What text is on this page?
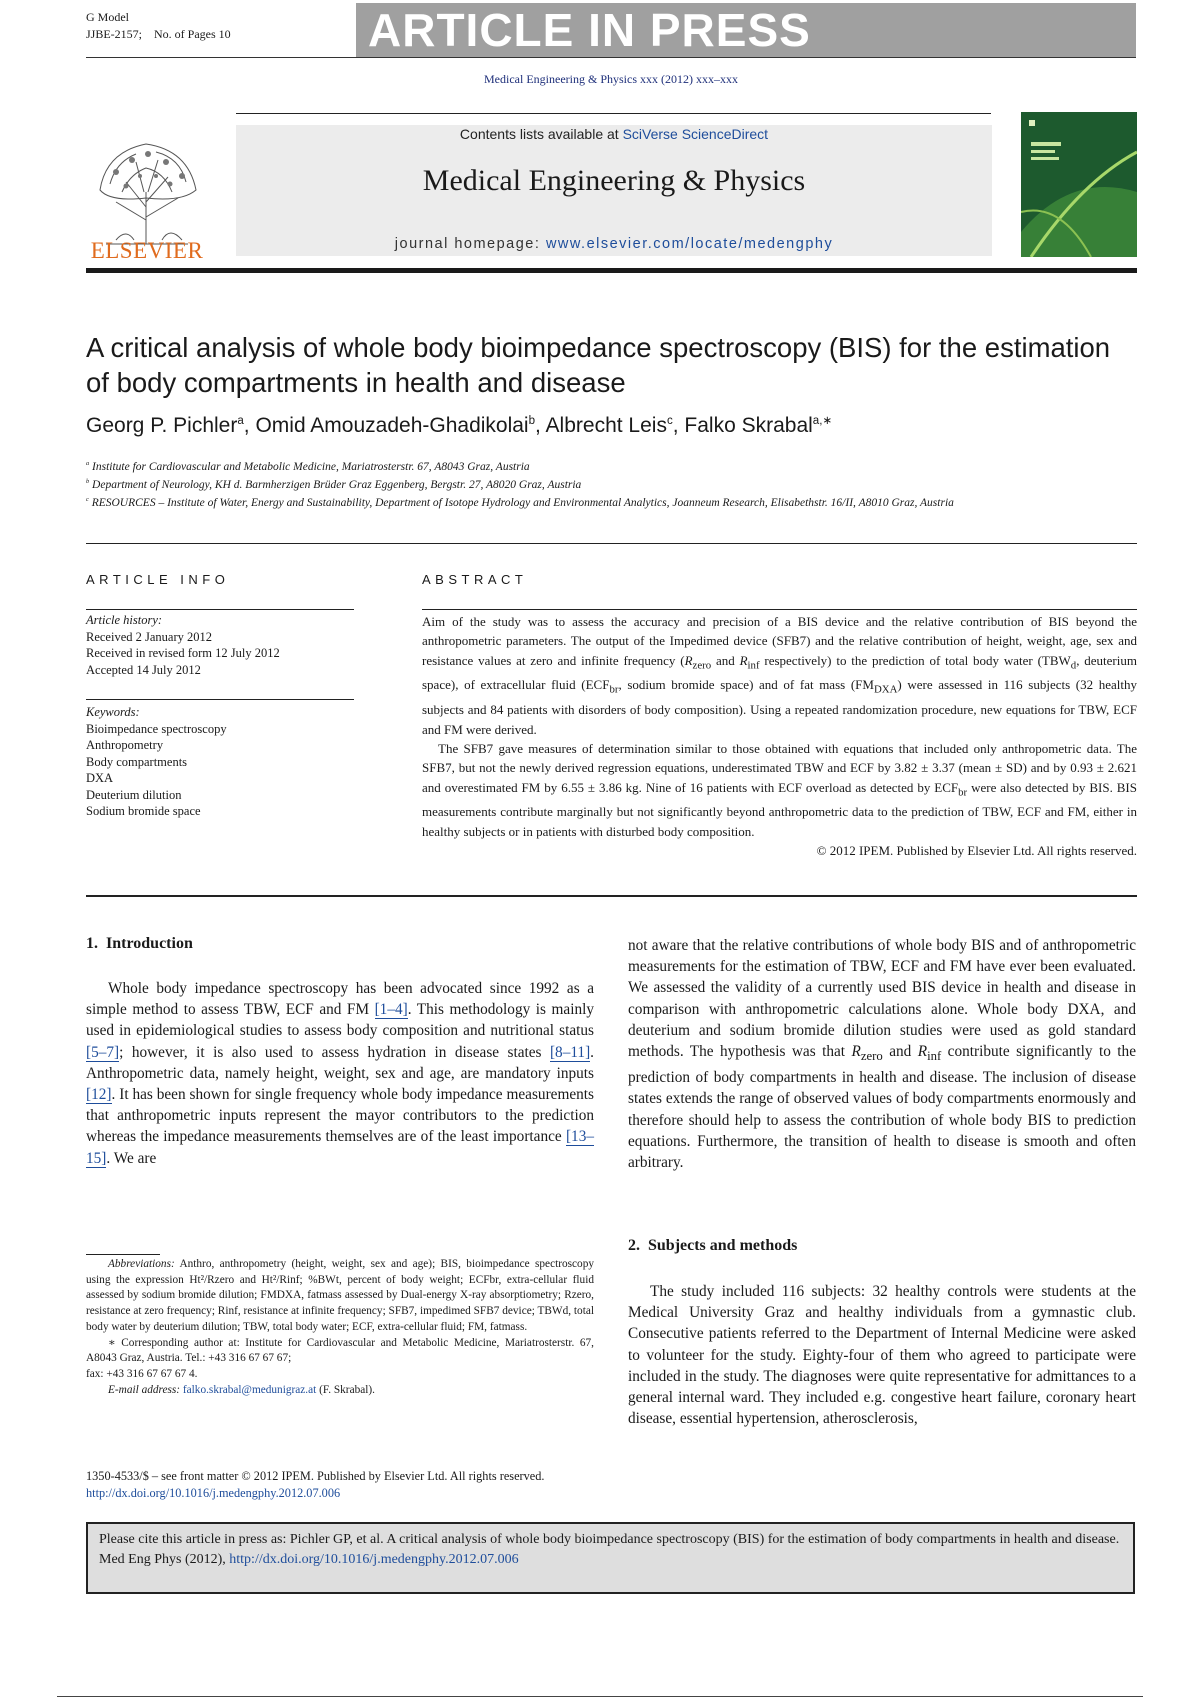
G Model
JJBE-2157;    No. of Pages 10	ARTICLE IN PRESS
Medical Engineering & Physics xxx (2012) xxx–xxx
ELSEVIER
Contents lists available at SciVerse ScienceDirect
Medical Engineering & Physics
journal homepage: www.elsevier.com/locate/medengphy
A critical analysis of whole body bioimpedance spectroscopy (BIS) for the estimation of body compartments in health and disease
Georg P. Pichler$^a$, Omid Amouzadeh-Ghadikolai$^b$, Albrecht Leis$^c$, Falko Skrabal$^{a,∗}$
$^a$ Institute for Cardiovascular and Metabolic Medicine, Mariatrosterstr. 67, A8043 Graz, Austria
$^b$ Department of Neurology, KH d. Barmherzigen Brüder Graz Eggenberg, Bergstr. 27, A8020 Graz, Austria
$^c$ RESOURCES – Institute of Water, Energy and Sustainability, Department of Isotope Hydrology and Environmental Analytics, Joanneum Research, Elisabethstr. 16/II, A8010 Graz, Austria
ARTICLE INFO	ABSTRACT
Article history:
Received 2 January 2012
Received in revised form 12 July 2012
Accepted 14 July 2012
Keywords:
Bioimpedance spectroscopy
Anthropometry
Body compartments
DXA
Deuterium dilution
Sodium bromide space

Aim of the study was to assess the accuracy and precision of a BIS device and the relative contribution of BIS beyond the anthropometric parameters. The output of the Impedimed device (SFB7) and the relative contribution of height, weight, age, sex and resistance values at zero and infinite frequency ($R_{zero}$ and $R_{inf}$ respectively) to the prediction of total body water ($TBW_d$, deuterium space), of extracellular fluid ($ECF_{br}$, sodium bromide space) and of fat mass $(FM_{DXA})$ were assessed in 116 subjects (32 healthy subjects and 84 patients with disorders of body composition). Using a repeated randomization procedure, new equations for TBW, ECF and FM were derived.

The SFB7 gave measures of determination similar to those obtained with equations that included only anthropometric data. The SFB7, but not the newly derived regression equations, underestimated TBW and ECF by 3.82 ± 3.37 (mean ± SD) and by 0.93 ± 2.621 and overestimated FM by 6.55 ± 3.86 kg. Nine of 16 patients with ECF overload as detected by $ECF_{br}$ were also detected by BIS. BIS measurements contribute marginally but not significantly beyond anthropometric data to the prediction of TBW, ECF and FM, either in healthy subjects or in patients with disturbed body composition.

© 2012 IPEM. Published by Elsevier Ltd. All rights reserved.

1.  Introduction

Whole body impedance spectroscopy has been advocated since 1992 as a simple method to assess TBW, ECF and FM [1–4]. This methodology is mainly used in epidemiological studies to assess body composition and nutritional status [5–7]; however, it is also used to assess hydration in disease states [8–11]. Anthropometric data, namely height, weight, sex and age, are mandatory inputs [12]. It has been shown for single frequency whole body impedance measurements that anthropometric inputs represent the mayor contributors to the prediction whereas the impedance measurements themselves are of the least importance [13–15]. We are

not aware that the relative contributions of whole body BIS and of anthropometric measurements for the estimation of TBW, ECF and FM have ever been evaluated. We assessed the validity of a currently used BIS device in health and disease in comparison with anthropometric calculations alone. Whole body DXA, and deuterium and sodium bromide dilution studies were used as gold standard methods. The hypothesis was that $R_{zero}$ and $R_{inf}$ contribute significantly to the prediction of body compartments in health and disease. The inclusion of disease states extends the range of observed values of body compartments enormously and therefore should help to assess the contribution of whole body BIS to prediction equations. Furthermore, the transition of health to disease is smooth and often arbitrary.

2.  Subjects and methods

The study included 116 subjects: 32 healthy controls were students at the Medical University Graz and healthy individuals from a gymnastic club. Consecutive patients referred to the Department of Internal Medicine were asked to volunteer for the study. Eighty-four of them who agreed to participate were included in the study. The diagnoses were quite representative for admittances to a general internal ward. They included e.g. congestive heart failure, coronary heart disease, essential hypertension, atherosclerosis,

Abbreviations: Anthro, anthropometry (height, weight, sex and age); BIS, bioimpedance spectroscopy using the expression Ht²/Rzero and Ht²/Rinf; %BWt, percent of body weight; ECFbr, extra-cellular fluid assessed by sodium bromide dilution; FMDXA, fatmass assessed by Dual-energy X-ray absorptiometry; Rzero, resistance at zero frequency; Rinf, resistance at infinite frequency; SFB7, impedimed SFB7 device; TBWd, total body water by deuterium dilution; TBW, total body water; ECF, extra-cellular fluid; FM, fatmass.

∗ Corresponding author at: Institute for Cardiovascular and Metabolic Medicine, Mariatrosterstr. 67, A8043 Graz, Austria. Tel.: +43 316 67 67 67;

fax: +43 316 67 67 67 4.

E-mail address: falko.skrabal@medunigraz.at (F. Skrabal).

1350-4533/$ – see front matter © 2012 IPEM. Published by Elsevier Ltd. All rights reserved.
http://dx.doi.org/10.1016/j.medengphy.2012.07.006
Please cite this article in press as: Pichler GP, et al. A critical analysis of whole body bioimpedance spectroscopy (BIS) for the estimation of body compartments in health and disease. Med Eng Phys (2012), http://dx.doi.org/10.1016/j.medengphy.2012.07.006
